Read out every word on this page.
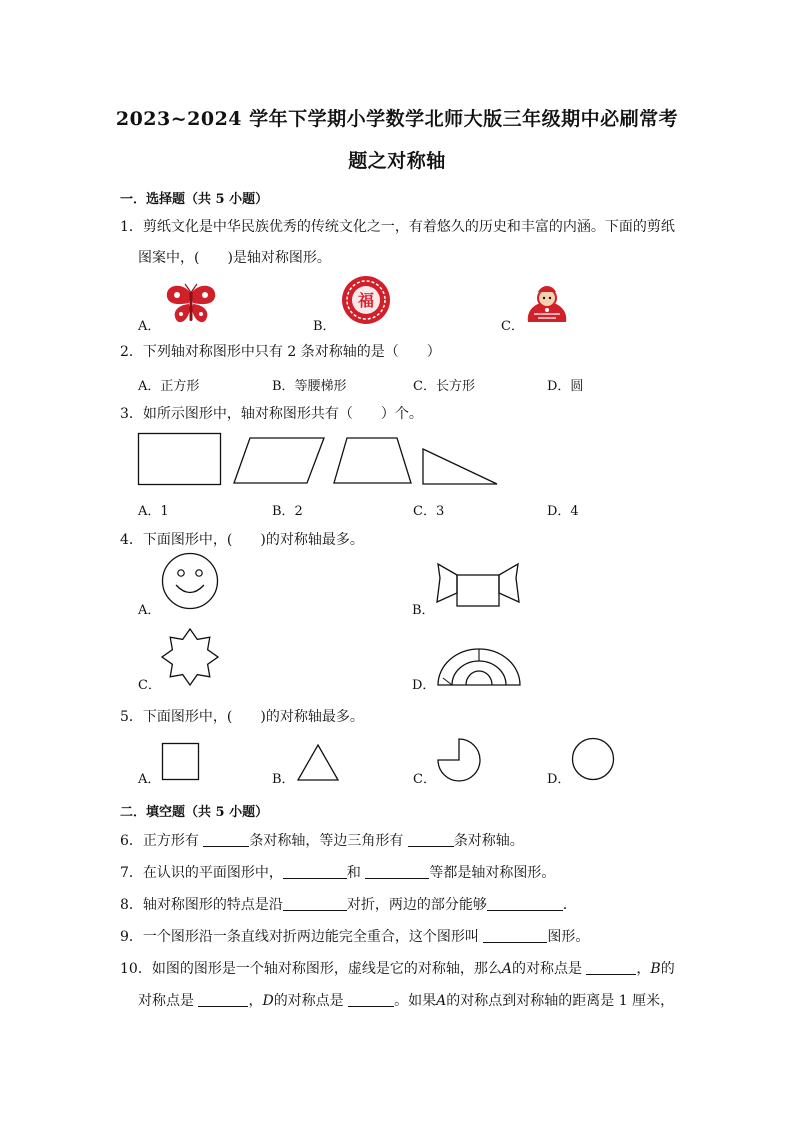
2023~2024 学年下学期小学数学北师大版三年级期中必刷常考
题之对称轴
一．选择题（共 5 小题）
1．剪纸文化是中华民族优秀的传统文化之一，有着悠久的历史和丰富的内涵。下面的剪纸
图案中，(　　)是轴对称图形。
A．	B．
福
C．
2．下列轴对称图形中只有 2 条对称轴的是（　　）
A．正方形	B．等腰梯形	C．长方形	D．圆
3．如所示图形中，轴对称图形共有（　　）个。
A．1	B．2	C．3	D．4
4．下面图形中，(　　)的对称轴最多。
A．	B．
C．	D．
5．下面图形中，(　　)的对称轴最多。
A．	B．	C．	D．
二．填空题（共 5 小题）
6．正方形有	条对称轴，等边三角形有	条对称轴。
7．在认识的平面图形中，	和	等都是轴对称图形。
8．轴对称图形的特点是沿	对折，两边的部分能够	．
9．一个图形沿一条直线对折两边能完全重合，这个图形叫	图形。
10．如图的图形是一个轴对称图形，虚线是它的对称轴，那么A的对称点是	，B的
对称点是	，D的对称点是	。如果A的对称点到对称轴的距离是 1 厘米，
